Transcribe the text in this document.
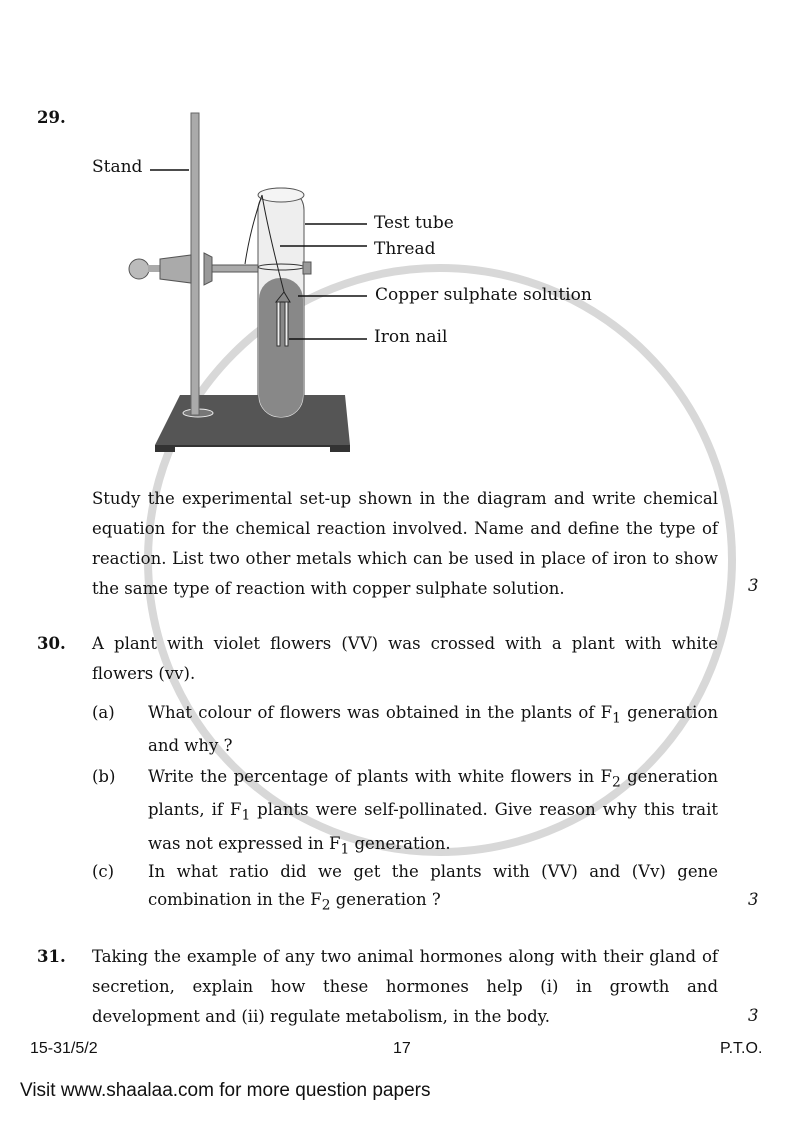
29.
Stand
Test tube
Thread
Copper sulphate solution
Iron nail
Study the experimental set-up shown in the diagram and write chemical equation for the chemical reaction involved. Name and define the type of reaction. List two other metals which can be used in place of iron to show the same type of reaction with copper sulphate solution.	3
30. A plant with violet flowers (VV) was crossed with a plant with white flowers (vv).
(a) What colour of flowers was obtained in the plants of $F_1$ generation and why ?
(b) Write the percentage of plants with white flowers in $F_2$ generation plants, if $F_1$ plants were self-pollinated. Give reason why this trait was not expressed in $F_1$ generation.
(c) In what ratio did we get the plants with (VV) and (Vv) gene combination in the $F_2$ generation ?	3
31. Taking the example of any two animal hormones along with their gland of secretion, explain how these hormones help (i) in growth and development and (ii) regulate metabolism, in the body.	3
15-31/5/2	17	P.T.O.
Visit www.shaalaa.com for more question papers
